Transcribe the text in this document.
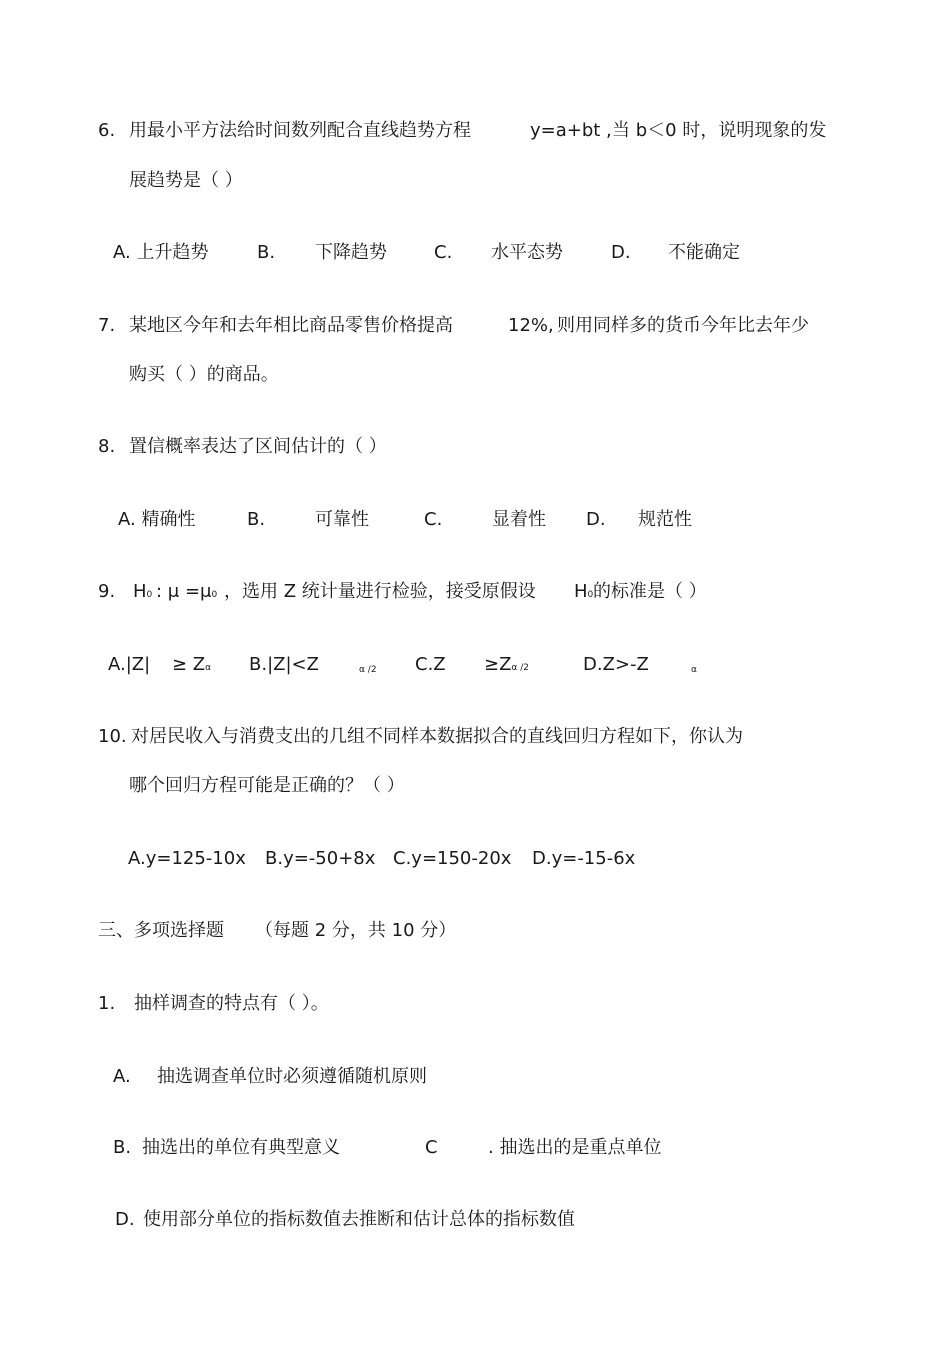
6. 用最小平方法给时间数列配合直线趋势方程	y=a+bt , 当 b＜0 时，说明现象的发
展趋势是（ ）
A. 上升趋势	B. 下降趋势	C. 水平态势	D. 不能确定
7. 某地区今年和去年相比商品零售价格提高	12%, 则用同样多的货币今年比去年少
购买（ ）的商品。
8. 置信概率表达了区间估计的（ ）
A. 精确性	B.	可靠性	C.	显着性 D. 规范性
9. H0 : μ =μ0 ，选用 Z 统计量进行检验，接受原假设 H0 的标准是（ ）
A.|Z| ≥ Zα B.|Z|<Z	α /2 C.Z ≥Zα /2	D.Z>-Z	α
10. 对居民收入与消费支出的几组不同样本数据拟合的直线回归方程如下，你认为
哪个回归方程可能是正确的？（ ）
A.y=125-10x B.y=-50+8x C.y=150-20x D.y=-15-6x
三、多项选择题 （每题 2 分，共 10 分）
1. 抽样调查的特点有（ ）。
A. 抽选调查单位时必须遵循随机原则
B. 抽选出的单位有典型意义	C	. 抽选出的是重点单位
D. 使用部分单位的指标数值去推断和估计总体的指标数值
